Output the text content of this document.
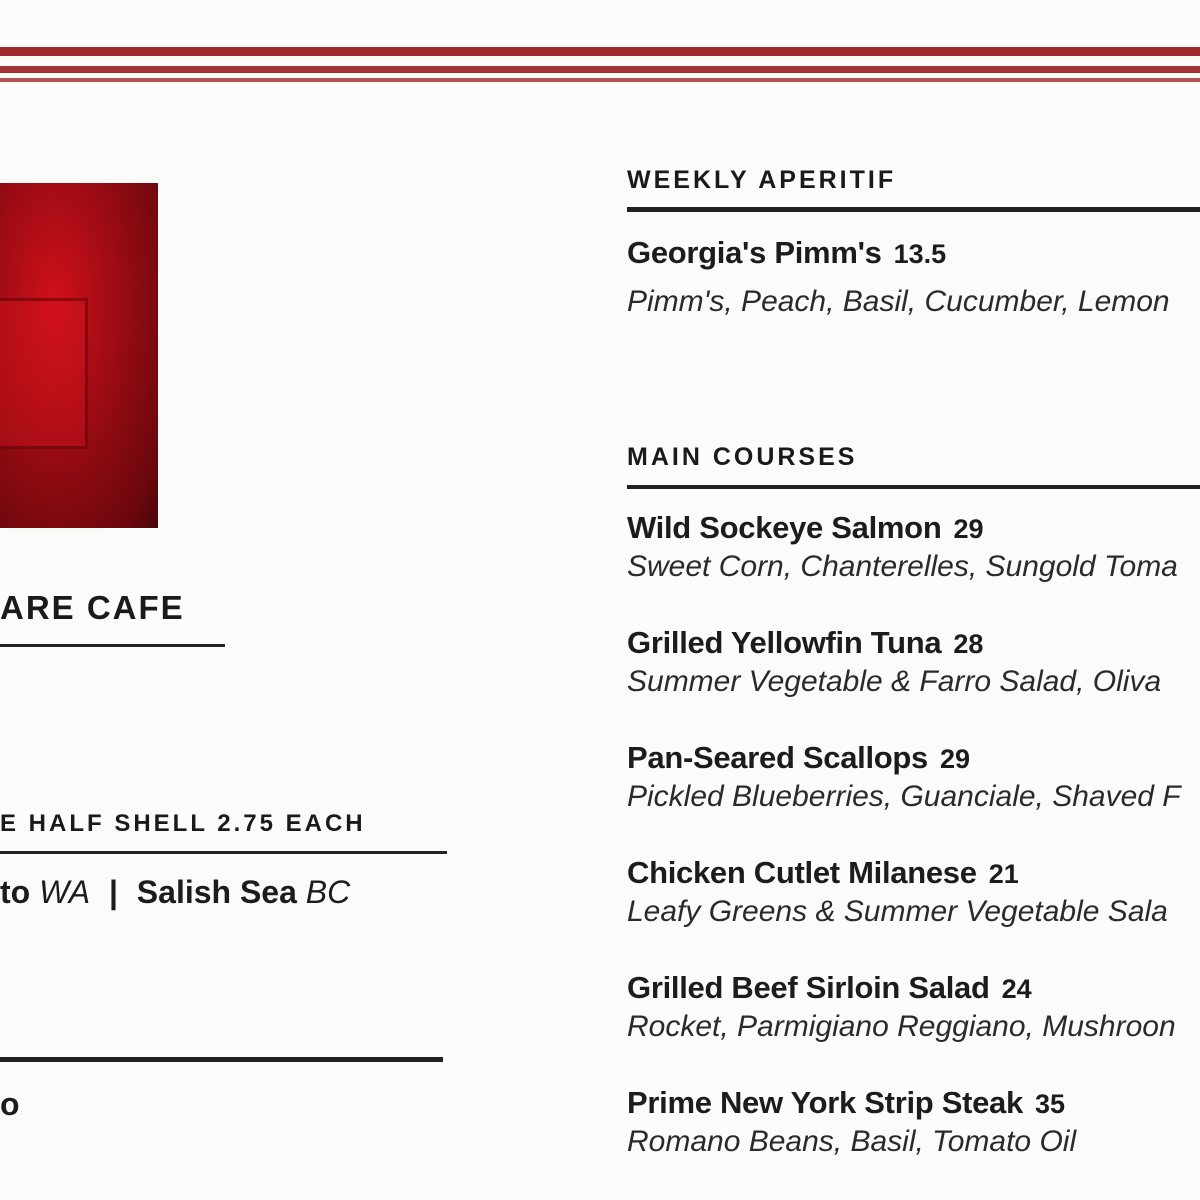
ARE CAFE
E HALF SHELL 2.75 EACH
to WA | Salish Sea BC
o
WEEKLY APERITIF
Georgia's Pimm's 13.5
Pimm's, Peach, Basil, Cucumber, Lemon
MAIN COURSES
Wild Sockeye Salmon 29
Sweet Corn, Chanterelles, Sungold Toma
Grilled Yellowfin Tuna 28
Summer Vegetable & Farro Salad, Oliva
Pan-Seared Scallops 29
Pickled Blueberries, Guanciale, Shaved F
Chicken Cutlet Milanese 21
Leafy Greens & Summer Vegetable Sala
Grilled Beef Sirloin Salad 24
Rocket, Parmigiano Reggiano, Mushroon
Prime New York Strip Steak 35
Romano Beans, Basil, Tomato Oil
